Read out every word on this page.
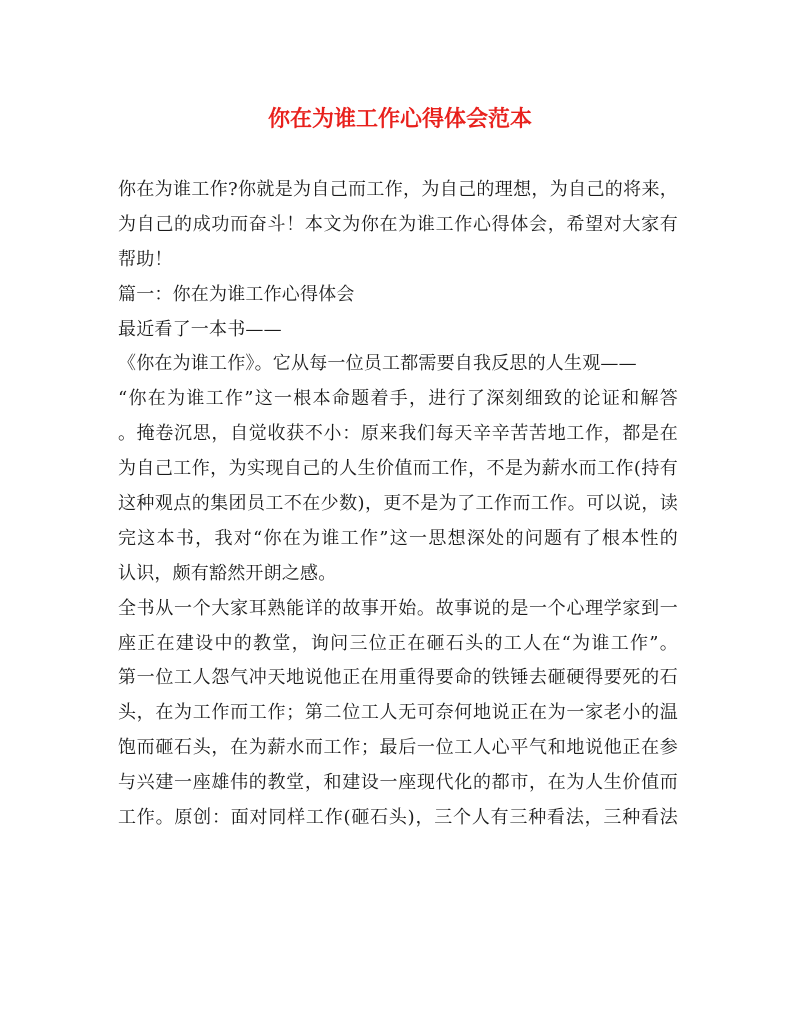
你在为谁工作心得体会范本
你在为谁工作?你就是为自己而工作，为自己的理想，为自己的将来，
为自己的成功而奋斗！本文为你在为谁工作心得体会，希望对大家有
帮助！
篇一：你在为谁工作心得体会
最近看了一本书——
《你在为谁工作》。它从每一位员工都需要自我反思的人生观——
“你在为谁工作”这一根本命题着手，进行了深刻细致的论证和解答
。掩卷沉思，自觉收获不小：原来我们每天辛辛苦苦地工作，都是在
为自己工作，为实现自己的人生价值而工作，不是为薪水而工作(持有
这种观点的集团员工不在少数)，更不是为了工作而工作。可以说，读
完这本书，我对“你在为谁工作”这一思想深处的问题有了根本性的
认识，颇有豁然开朗之感。
全书从一个大家耳熟能详的故事开始。故事说的是一个心理学家到一
座正在建设中的教堂，询问三位正在砸石头的工人在“为谁工作”。
第一位工人怨气冲天地说他正在用重得要命的铁锤去砸硬得要死的石
头，在为工作而工作；第二位工人无可奈何地说正在为一家老小的温
饱而砸石头，在为薪水而工作；最后一位工人心平气和地说他正在参
与兴建一座雄伟的教堂，和建设一座现代化的都市，在为人生价值而
工作。原创：面对同样工作(砸石头)，三个人有三种看法，三种看法
